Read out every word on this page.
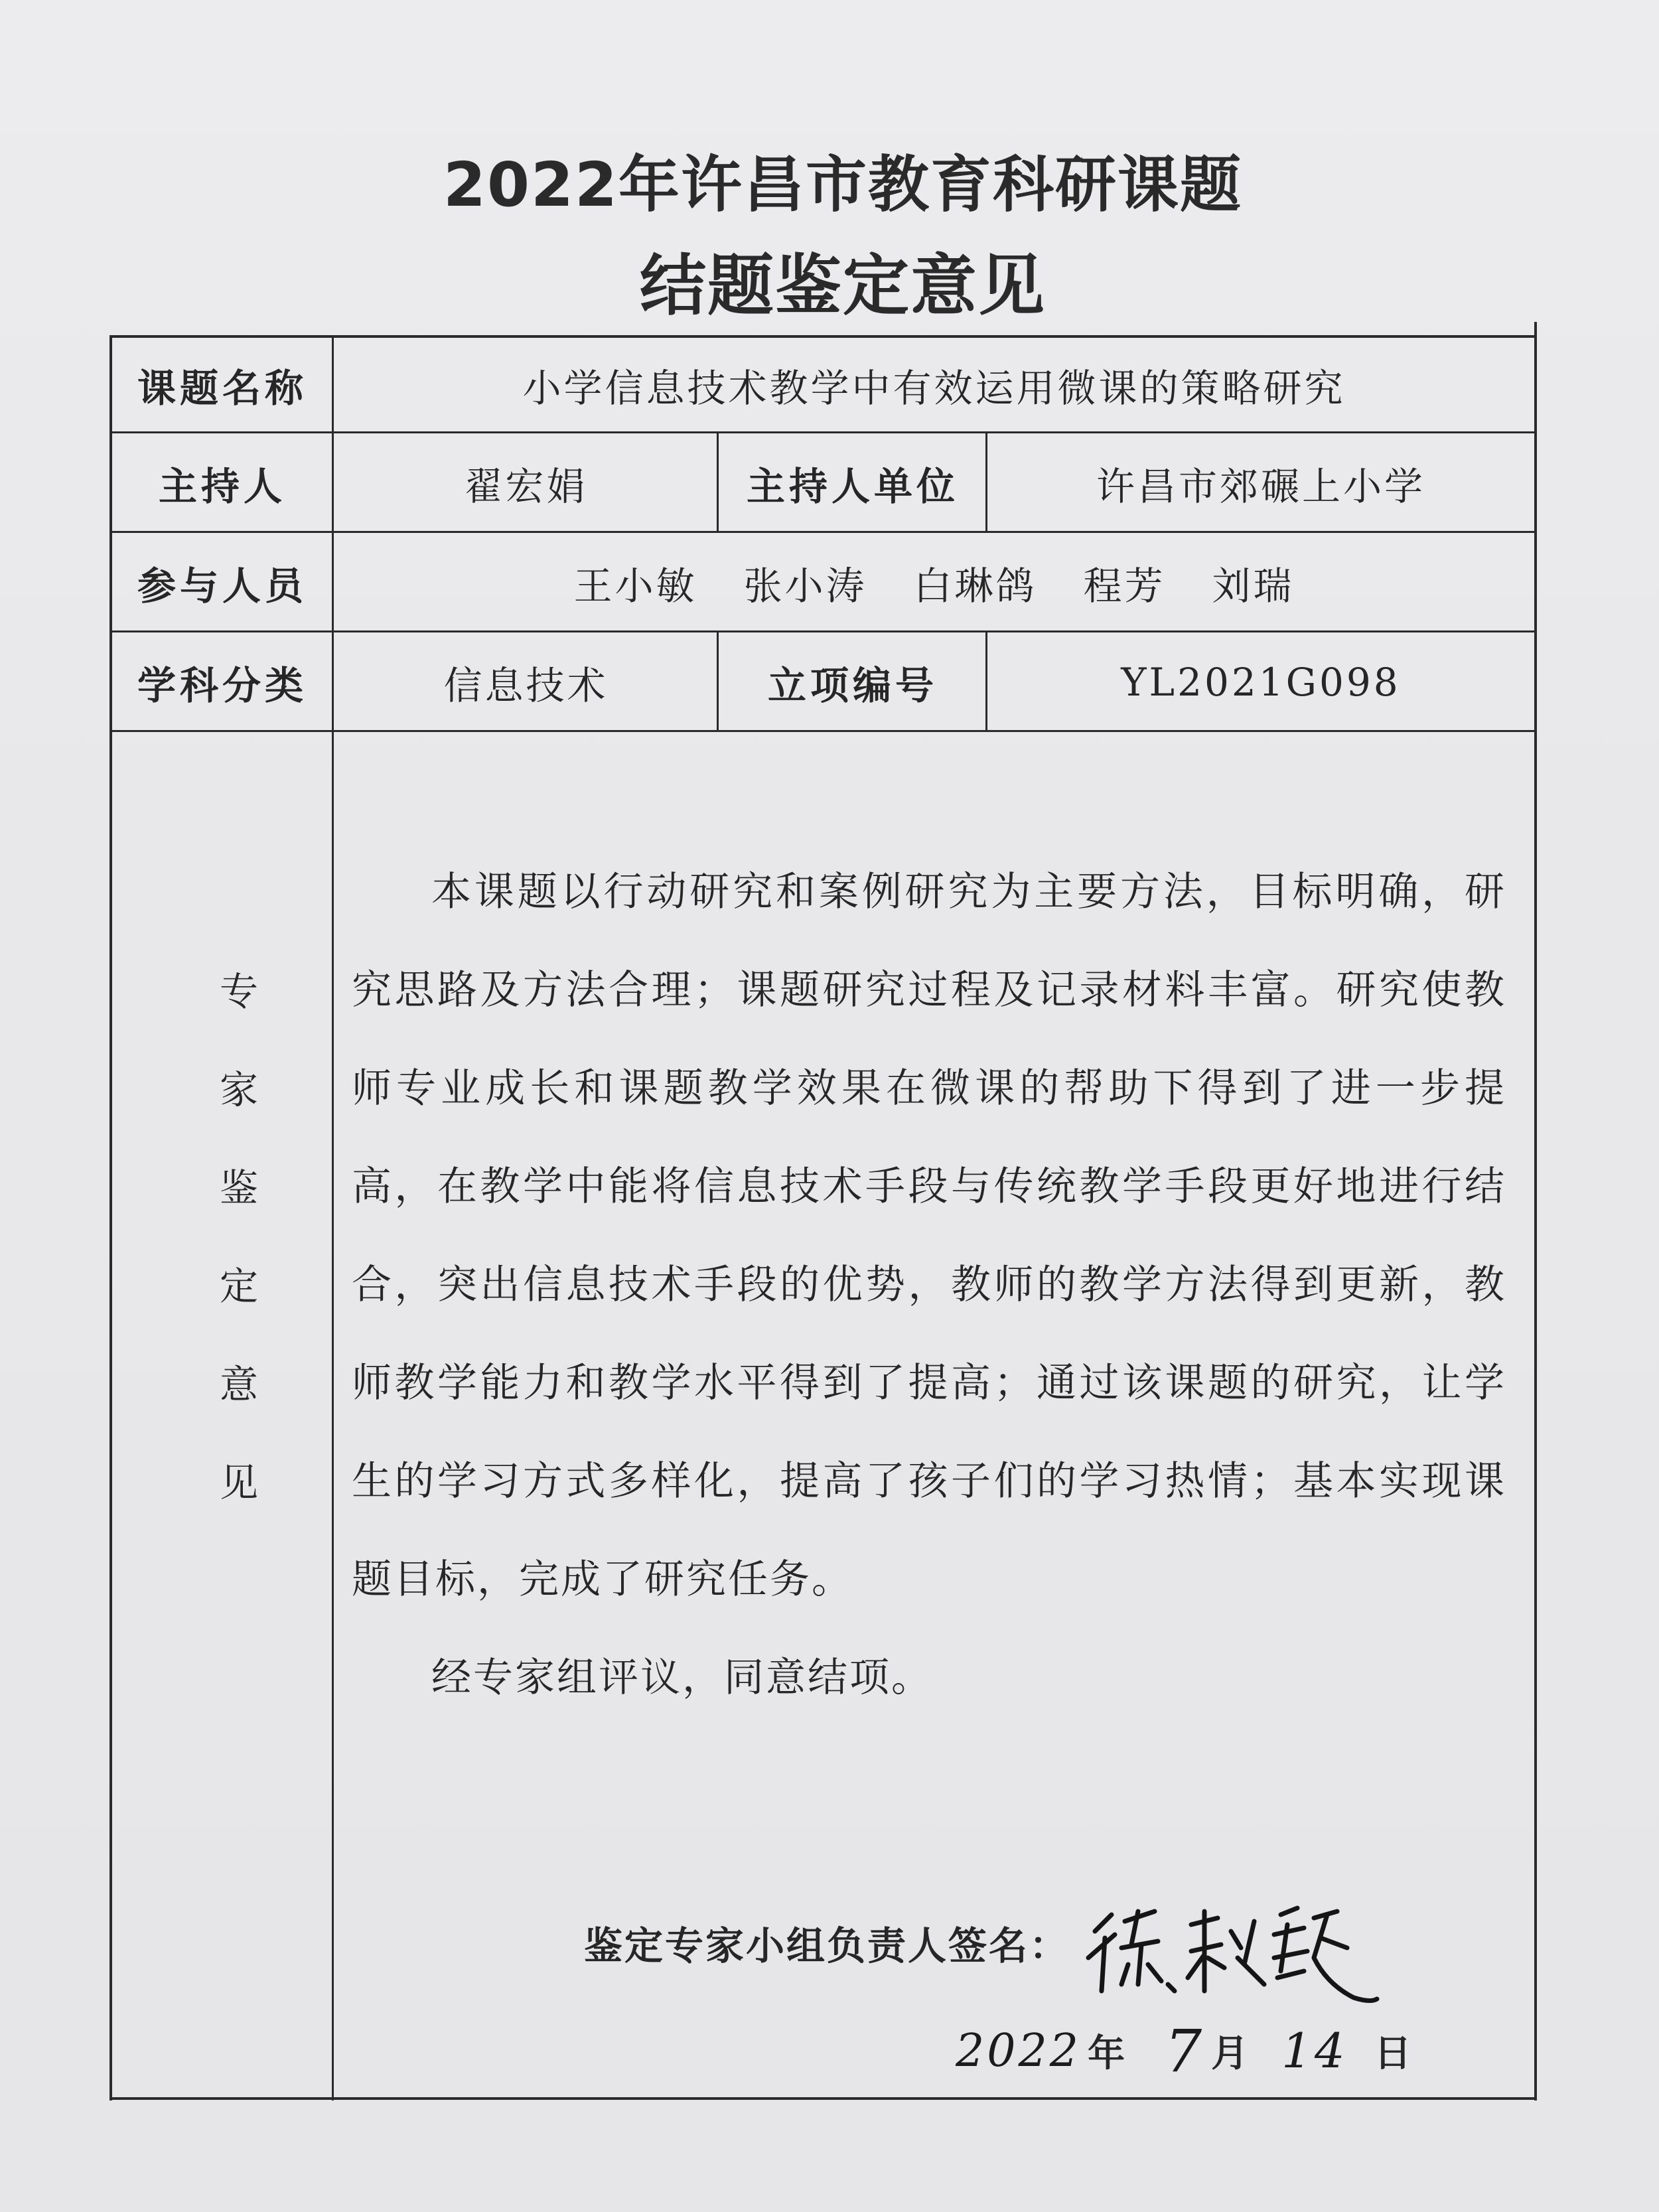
2022年许昌市教育科研课题
结题鉴定意见
课题名称	小学信息技术教学中有效运用微课的策略研究
主持人	翟宏娟	主持人单位	许昌市郊碾上小学
参与人员	王小敏 张小涛 白琳鸽 程芳 刘瑞
学科分类	信息技术	立项编号	YL2021G098
专
家
鉴
定
意
见

本课题以行动研究和案例研究为主要方法，目标明确，研究思路及方法合理；课题研究过程及记录材料丰富。研究使教师专业成长和课题教学效果在微课的帮助下得到了进一步提高，在教学中能将信息技术手段与传统教学手段更好地进行结合，突出信息技术手段的优势，教师的教学方法得到更新，教师教学能力和教学水平得到了提高；通过该课题的研究，让学生的学习方式多样化，提高了孩子们的学习热情；基本实现课题目标，完成了研究任务。

经专家组评议，同意结项。

鉴定专家小组负责人签名：
2022 年 7 月 14 日
